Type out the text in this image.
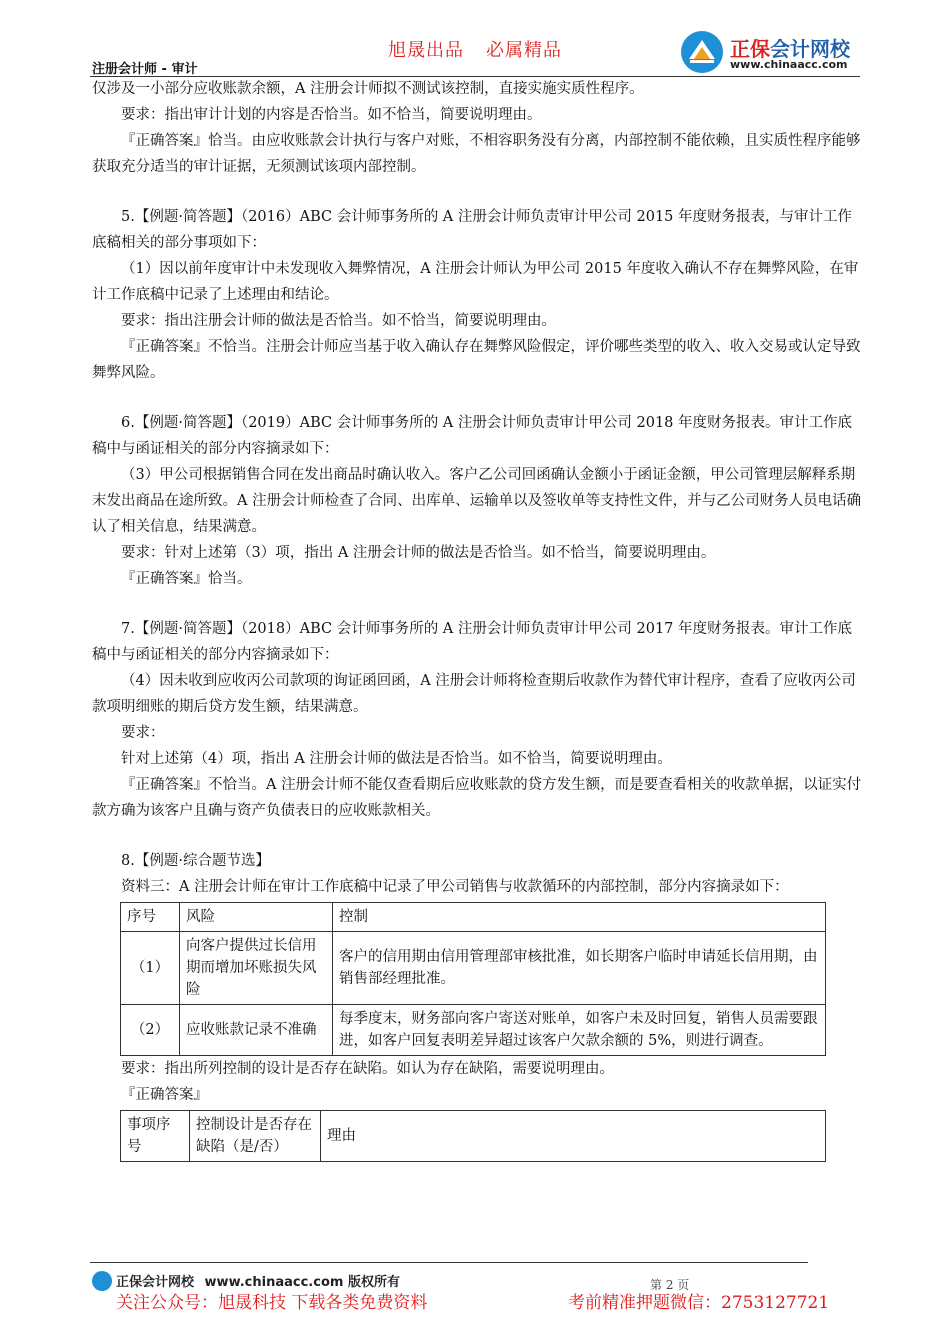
旭晟出品 必属精品	正保会计网校
www.chinaacc.com
注册会计师 - 审计

仅涉及一小部分应收账款余额，A 注册会计师拟不测试该控制，直接实施实质性程序。

要求：指出审计计划的内容是否恰当。如不恰当，简要说明理由。

『正确答案』恰当。由应收账款会计执行与客户对账，不相容职务没有分离，内部控制不能依赖，且实质性程序能够获取充分适当的审计证据，无须测试该项内部控制。

5.【例题·简答题】（2016）ABC 会计师事务所的 A 注册会计师负责审计甲公司 2015 年度财务报表，与审计工作底稿相关的部分事项如下：

（1）因以前年度审计中未发现收入舞弊情况，A 注册会计师认为甲公司 2015 年度收入确认不存在舞弊风险，在审计工作底稿中记录了上述理由和结论。

要求：指出注册会计师的做法是否恰当。如不恰当，简要说明理由。

『正确答案』不恰当。注册会计师应当基于收入确认存在舞弊风险假定，评价哪些类型的收入、收入交易或认定导致舞弊风险。

6.【例题·简答题】（2019）ABC 会计师事务所的 A 注册会计师负责审计甲公司 2018 年度财务报表。审计工作底稿中与函证相关的部分内容摘录如下：

（3）甲公司根据销售合同在发出商品时确认收入。客户乙公司回函确认金额小于函证金额，甲公司管理层解释系期末发出商品在途所致。A 注册会计师检查了合同、出库单、运输单以及签收单等支持性文件，并与乙公司财务人员电话确认了相关信息，结果满意。

要求：针对上述第（3）项，指出 A 注册会计师的做法是否恰当。如不恰当，简要说明理由。

『正确答案』恰当。

7.【例题·简答题】（2018）ABC 会计师事务所的 A 注册会计师负责审计甲公司 2017 年度财务报表。审计工作底稿中与函证相关的部分内容摘录如下：

（4）因未收到应收丙公司款项的询证函回函，A 注册会计师将检查期后收款作为替代审计程序，查看了应收丙公司款项明细账的期后贷方发生额，结果满意。

要求：

针对上述第（4）项，指出 A 注册会计师的做法是否恰当。如不恰当，简要说明理由。

『正确答案』不恰当。A 注册会计师不能仅查看期后应收账款的贷方发生额，而是要查看相关的收款单据，以证实付款方确为该客户且确与资产负债表日的应收账款相关。

8.【例题·综合题节选】

资料三：A 注册会计师在审计工作底稿中记录了甲公司销售与收款循环的内部控制，部分内容摘录如下：

序号	风险	控制
（1）	向客户提供过长信用期而增加坏账损失风险	客户的信用期由信用管理部审核批准，如长期客户临时申请延长信用期，由销售部经理批准。
（2）	应收账款记录不准确	每季度末，财务部向客户寄送对账单，如客户未及时回复，销售人员需要跟进，如客户回复表明差异超过该客户欠款余额的 5%，则进行调查。

要求：指出所列控制的设计是否存在缺陷。如认为存在缺陷，需要说明理由。

『正确答案』

事项序号	控制设计是否存在缺陷（是/否）	理由
正保会计网校 www.chinaacc.com 版权所有	第 2 页
关注公众号：旭晟科技 下载各类免费资料	考前精准押题微信：2753127721
